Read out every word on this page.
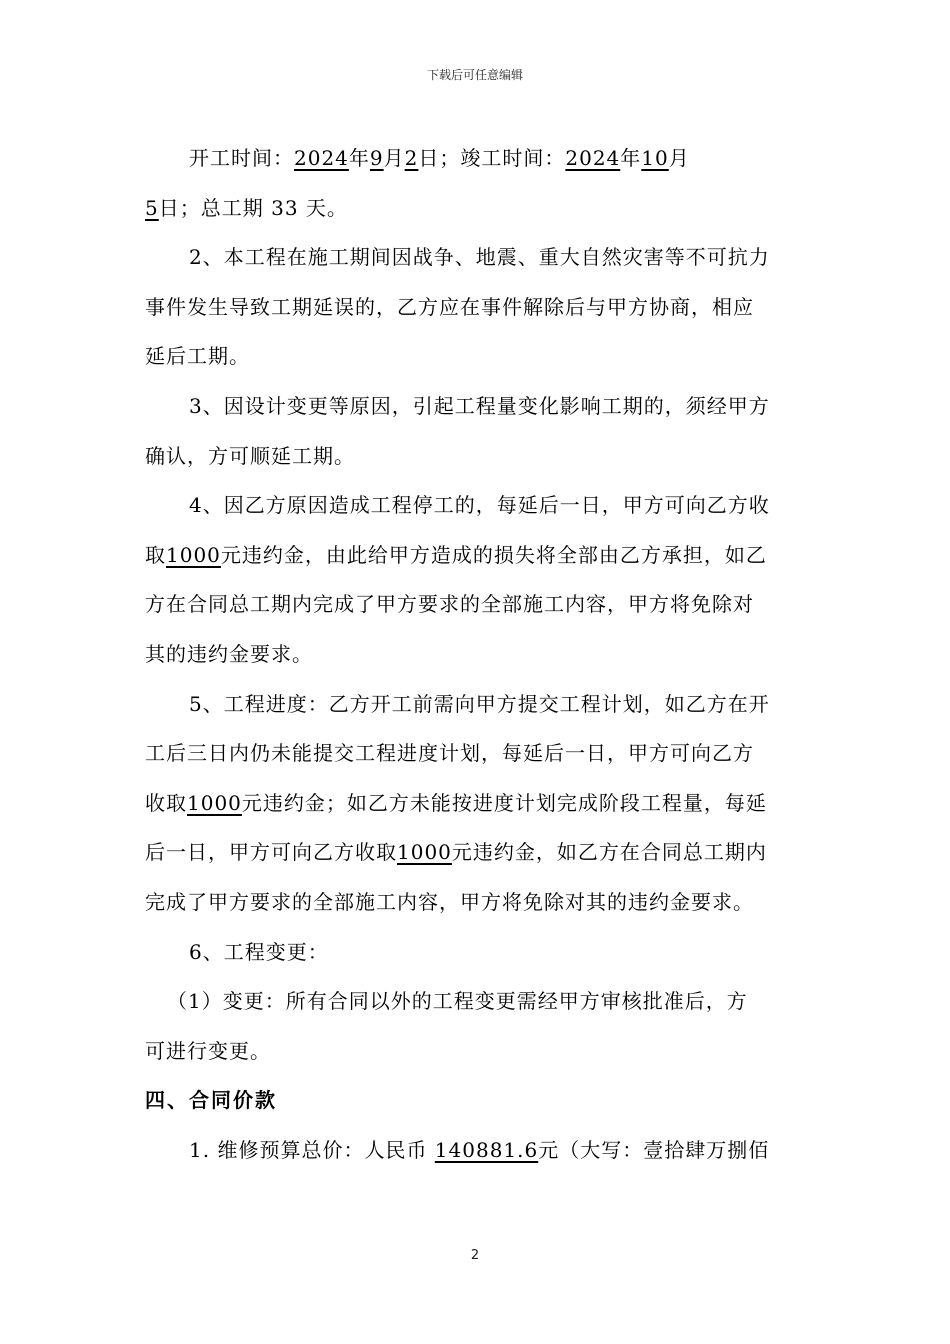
下载后可任意编辑
开工时间：2024年9月2日；竣工时间：2024年10月
5日；总工期 33 天。
2、本工程在施工期间因战争、地震、重大自然灾害等不可抗力
事件发生导致工期延误的，乙方应在事件解除后与甲方协商，相应
延后工期。
3、因设计变更等原因，引起工程量变化影响工期的，须经甲方
确认，方可顺延工期。
4、因乙方原因造成工程停工的，每延后一日，甲方可向乙方收
取1000元违约金，由此给甲方造成的损失将全部由乙方承担，如乙
方在合同总工期内完成了甲方要求的全部施工内容，甲方将免除对
其的违约金要求。
5、工程进度：乙方开工前需向甲方提交工程计划，如乙方在开
工后三日内仍未能提交工程进度计划，每延后一日，甲方可向乙方
收取1000元违约金；如乙方未能按进度计划完成阶段工程量，每延
后一日，甲方可向乙方收取1000元违约金，如乙方在合同总工期内
完成了甲方要求的全部施工内容，甲方将免除对其的违约金要求。
6、工程变更：
（1）变更：所有合同以外的工程变更需经甲方审核批准后，方
可进行变更。
四、合同价款
1. 维修预算总价：人民币 140881.6元（大写：壹拾肆万捌佰
2
